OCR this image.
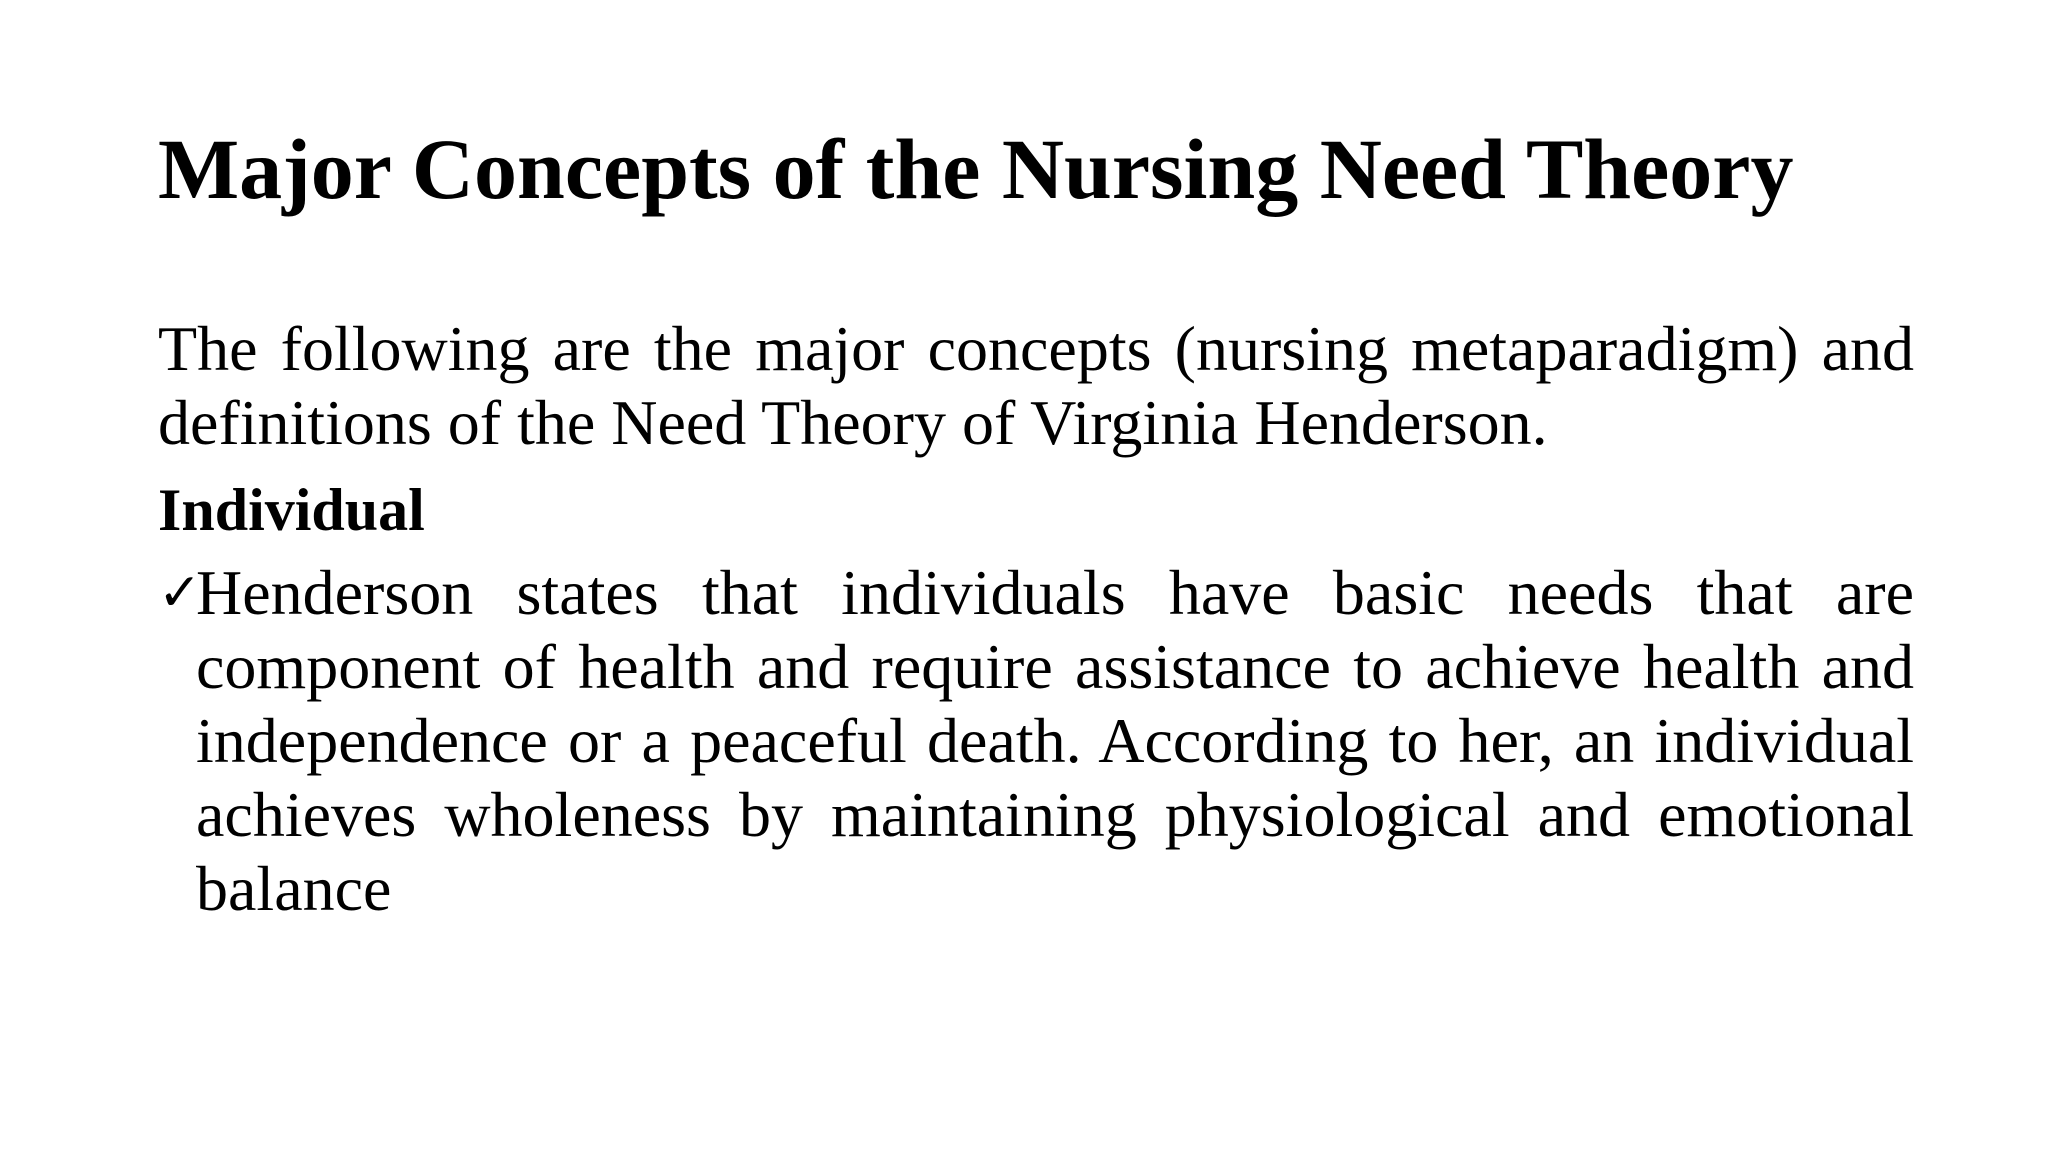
Major Concepts of the Nursing Need Theory

The following are the major concepts (nursing metaparadigm) and definitions of the Need Theory of Virginia Henderson.

Individual

✓
Henderson states that individuals have basic needs that are component of health and require assistance to achieve health and independence or a peaceful death. According to her, an individual achieves wholeness by maintaining physiological and emotional balance
